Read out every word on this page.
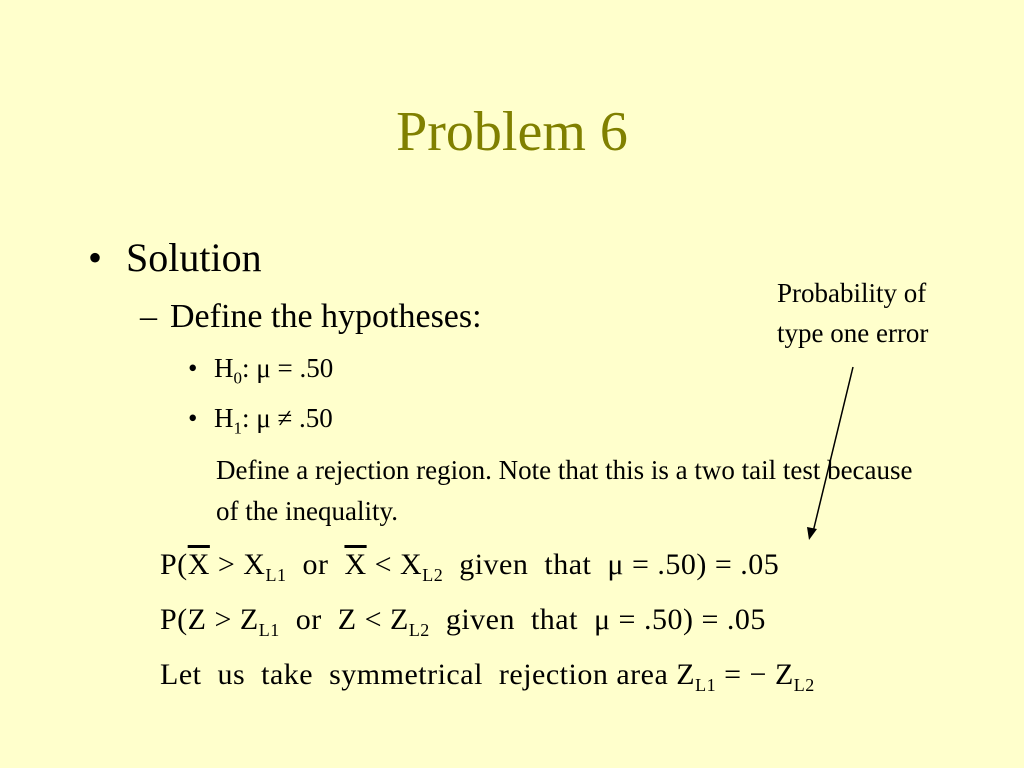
Problem 6
• Solution
– Define the hypotheses:
• $H_0$: μ = .50
• $H_1$: μ ≠ .50
Define a rejection region. Note that this is a two tail test because of the inequality.
Probability of
type one error
$P(\overline{X} > X_{L1}$  or  $\overline{X} < X_{L2}$  given  that  μ = .50) = .05
$P(Z > Z_{L1}$  or  $Z < Z_{L2}$  given  that  μ = .50) = .05
Let  us  take  symmetrical  rejection area $Z_{L1}$ = − $Z_{L2}$
